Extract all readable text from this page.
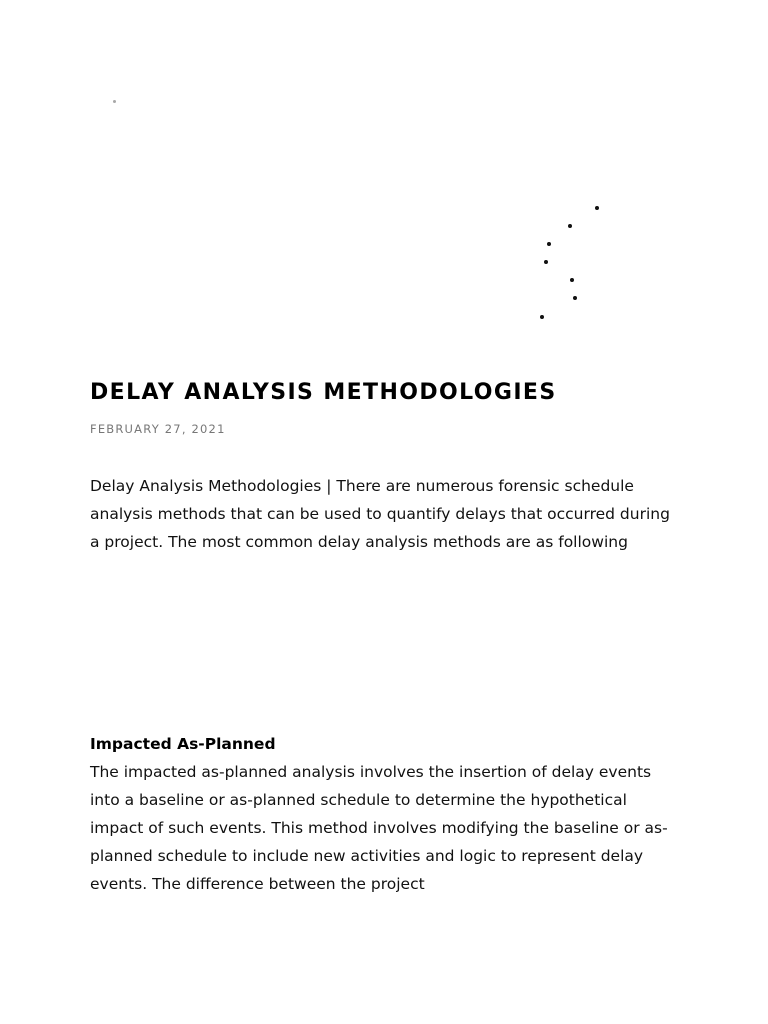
DELAY ANALYSIS METHODOLOGIES
FEBRUARY 27, 2021

Delay Analysis Methodologies | There are numerous forensic schedule analysis methods that can be used to quantify delays that occurred during a project. The most common delay analysis methods are as following

Impacted As-Planned

The impacted as-planned analysis involves the insertion of delay events into a baseline or as-planned schedule to determine the hypothetical impact of such events. This method involves modifying the baseline or as-planned schedule to include new activities and logic to represent delay events. The difference between the project
